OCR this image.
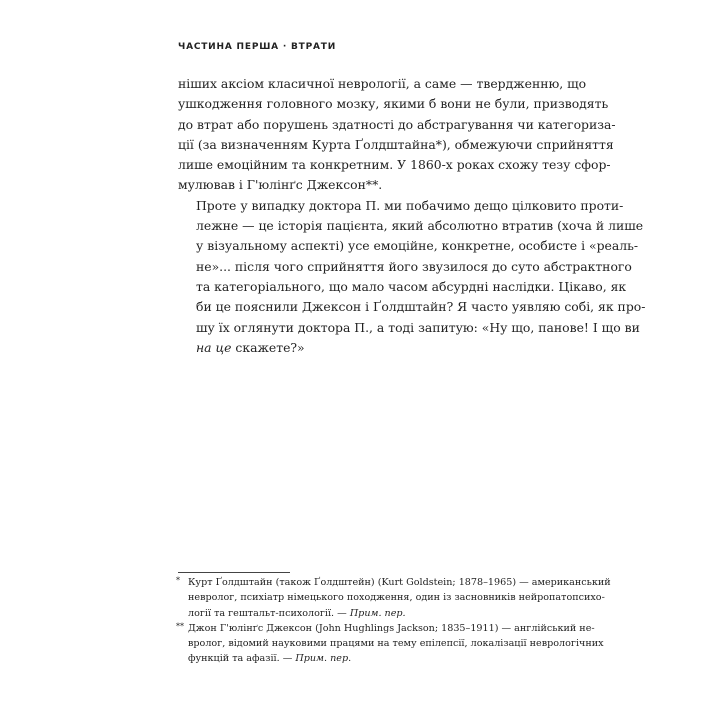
ЧАСТИНА ПЕРША · ВТРАТИ

нiших аксiом класичної неврології, а саме — твердженню, що
ушкодження головного мозку, якими б вони не були, призводять
до втрат або порушень здатності до абстрагування чи категориза-
ції (за визначенням Курта Ґолдштайна*), обмежуючи сприйняття
лише емоційним та конкретним. У 1860-х роках схожу тезу сфор-
мулював і Г'юлінґс Джексон**.

Проте у випадку доктора П. ми побачимо дещо цілковито проти-
лежне — це історія пацієнта, який абсолютно втратив (хоча й лише
у візуальному аспекті) усе емоційне, конкретне, особисте і «реаль-
не»... після чого сприйняття його звузилося до суто абстрактного
та категоріального, що мало часом абсурдні наслідки. Цікаво, як
би це пояснили Джексон і Ґолдштайн? Я часто уявляю собі, як про-
шу їх оглянути доктора П., а тоді запитую: «Ну що, панове! І що ви
на це скажете?»

* Курт Ґолдштайн (також Ґолдштейн) (Kurt Goldstein; 1878–1965) — американський
невролог, психіатр німецького походження, один із засновників нейропатопсихо-
логії та гештальт-психології. — Прим. пер.
** Джон Г'юлінґс Джексон (John Hughlings Jackson; 1835–1911) — англійський не-
вролог, відомий науковими працями на тему епілепсії, локалізації неврологічних
функцій та афазії. — Прим. пер.
